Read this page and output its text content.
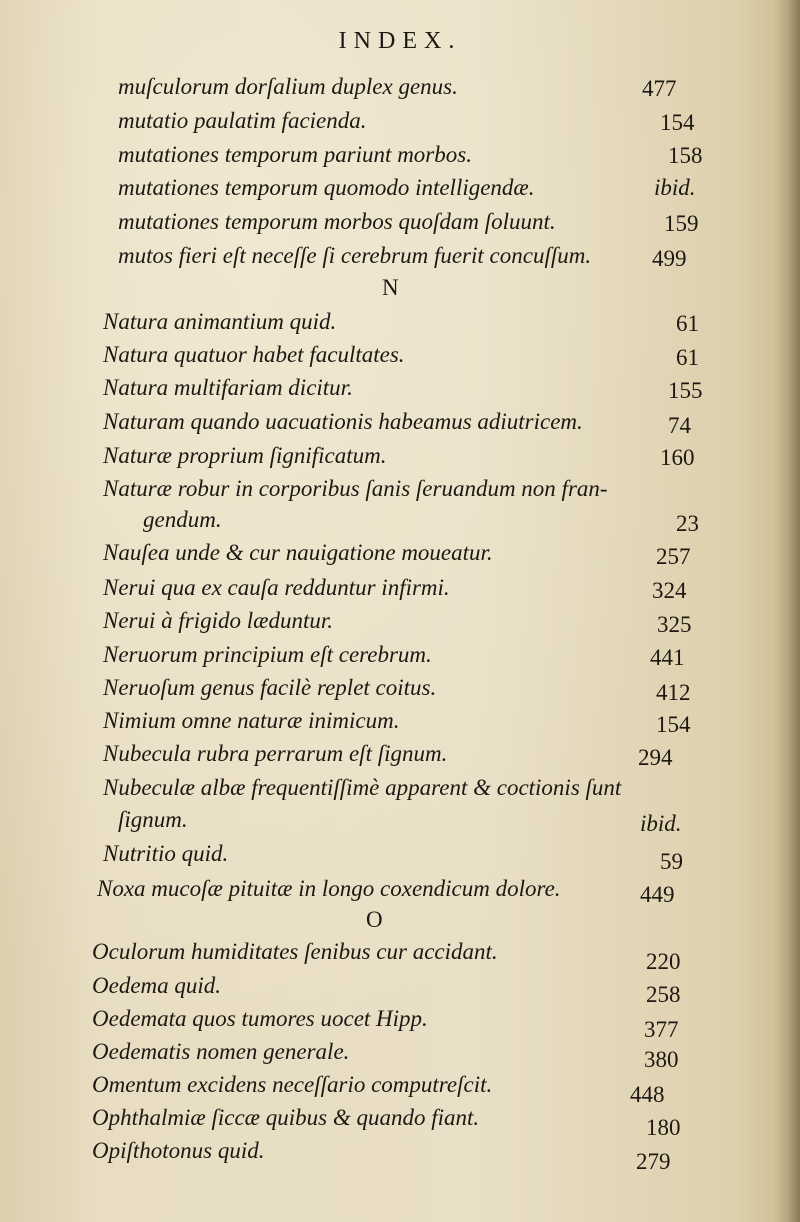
INDEX.
muſculorum dorſalium duplex genus.	477
mutatio paulatim facienda.	154
mutationes temporum pariunt morbos.	158
mutationes temporum quomodo intelligendæ.	ibid.
mutationes temporum morbos quoſdam ſoluunt.	159
mutos fieri eſt neceſſe ſi cerebrum fuerit concuſſum.	499
N
Natura animantium quid.	61
Natura quatuor habet facultates.	61
Natura multifariam dicitur.	155
Naturam quando uacuationis habeamus adiutricem.	74
Naturæ proprium ſignificatum.	160
Naturæ robur in corporibus ſanis ſeruandum non fran-
gendum.	23
Nauſea unde & cur nauigatione moueatur.	257
Nerui qua ex cauſa redduntur infirmi.	324
Nerui à frigido læduntur.	325
Neruorum principium eſt cerebrum.	441
Neruoſum genus facilè replet coitus.	412
Nimium omne naturæ inimicum.	154
Nubecula rubra perrarum eſt ſignum.	294
Nubeculæ albæ frequentiſſimè apparent & coctionis ſunt
ſignum.	ibid.
Nutritio quid.	59
Noxa mucoſæ pituitæ in longo coxendicum dolore.	449
O
Oculorum humiditates ſenibus cur accidant.	220
Oedema quid.	258
Oedemata quos tumores uocet Hipp.	377
Oedematis nomen generale.	380
Omentum excidens neceſſario computreſcit.	448
Ophthalmiæ ſiccæ quibus & quando fiant.	180
Opiſthotonus quid.	279
